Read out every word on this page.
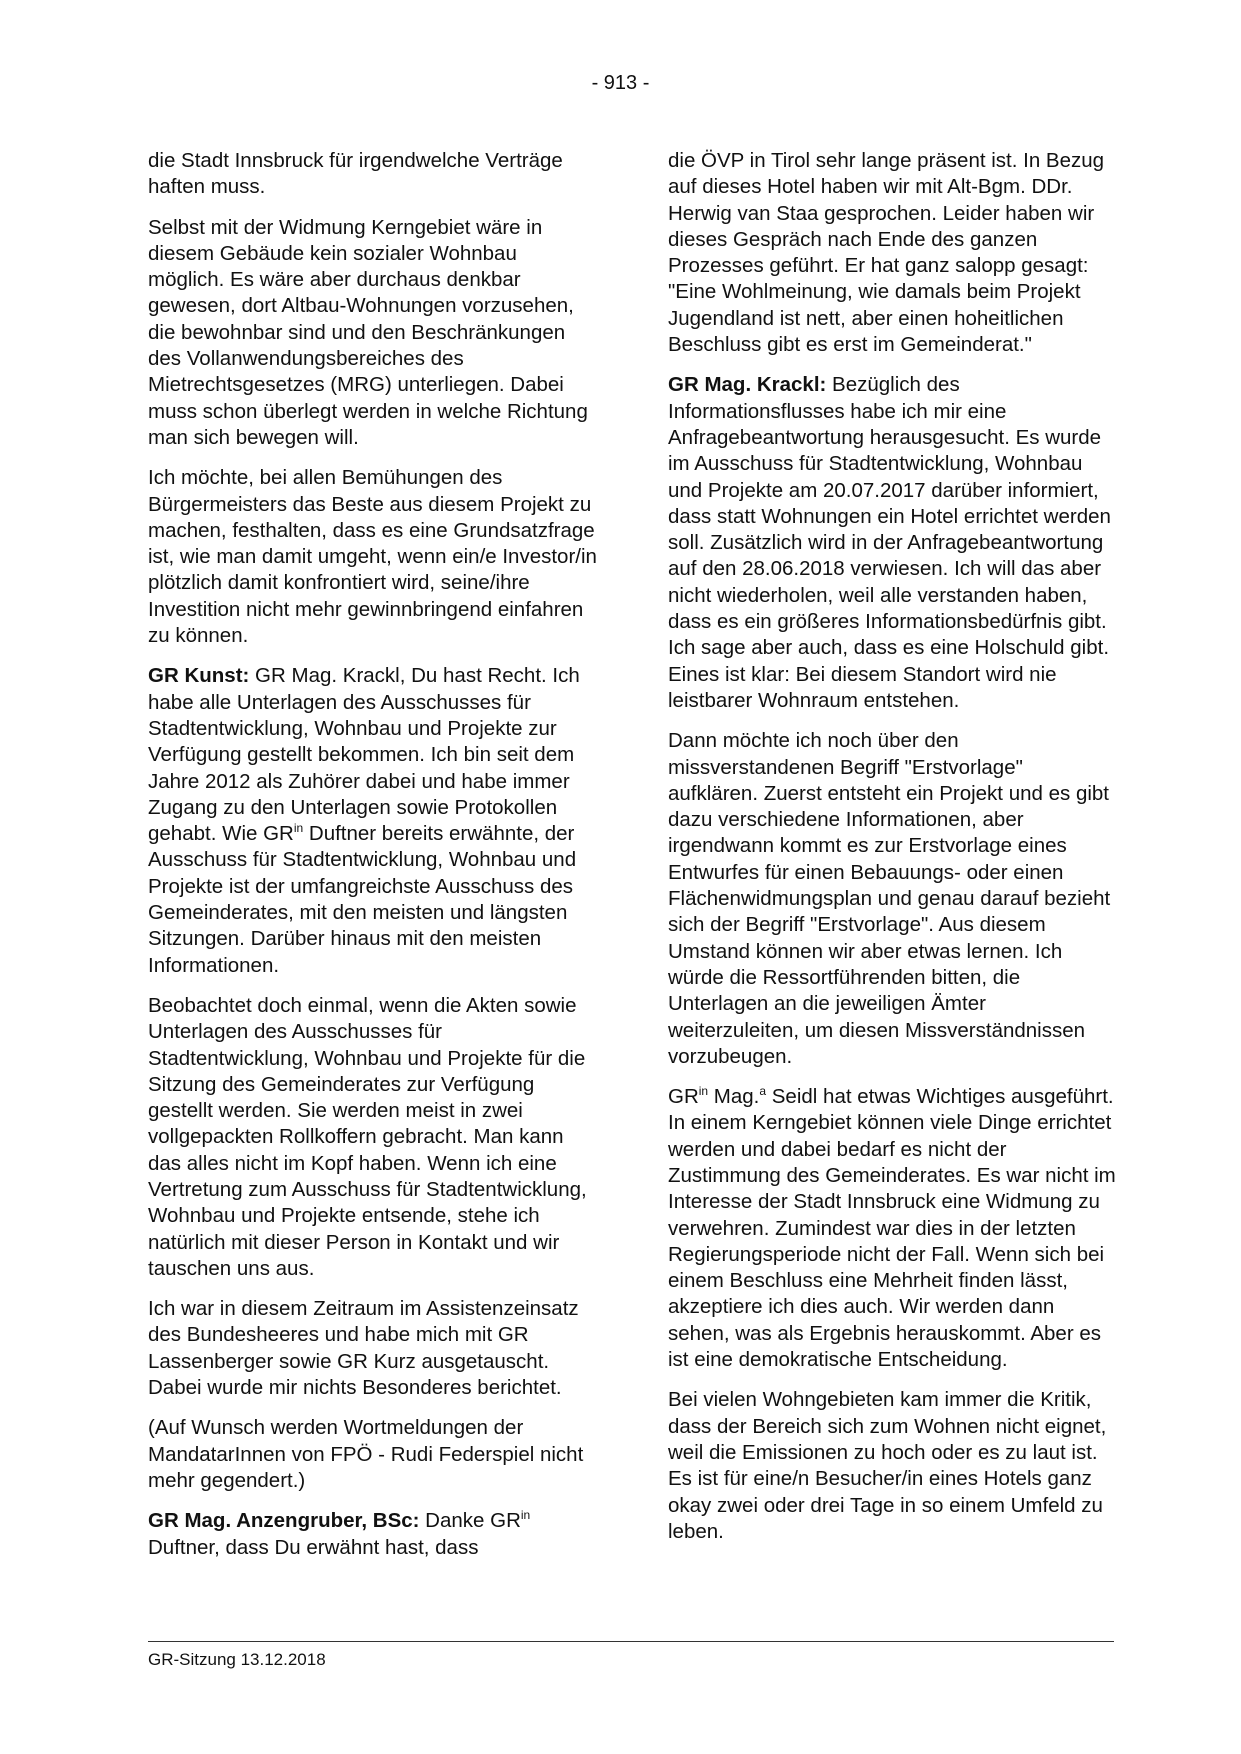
- 913 -

die Stadt Innsbruck für irgendwelche Verträge haften muss.

Selbst mit der Widmung Kerngebiet wäre in diesem Gebäude kein sozialer Wohnbau möglich. Es wäre aber durchaus denkbar gewesen, dort Altbau-Wohnungen vorzusehen, die bewohnbar sind und den Beschränkungen des Vollanwendungsbereiches des Mietrechtsgesetzes (MRG) unterliegen. Dabei muss schon überlegt werden in welche Richtung man sich bewegen will.

Ich möchte, bei allen Bemühungen des Bürgermeisters das Beste aus diesem Projekt zu machen, festhalten, dass es eine Grundsatzfrage ist, wie man damit umgeht, wenn ein/e Investor/in plötzlich damit konfrontiert wird, seine/ihre Investition nicht mehr gewinnbringend einfahren zu können.

GR Kunst: GR Mag. Krackl, Du hast Recht. Ich habe alle Unterlagen des Ausschusses für Stadtentwicklung, Wohnbau und Projekte zur Verfügung gestellt bekommen. Ich bin seit dem Jahre 2012 als Zuhörer dabei und habe immer Zugang zu den Unterlagen sowie Protokollen gehabt. Wie $GR^{in}$ Duftner bereits erwähnte, der Ausschuss für Stadtentwicklung, Wohnbau und Projekte ist der umfangreichste Ausschuss des Gemeinderates, mit den meisten und längsten Sitzungen. Darüber hinaus mit den meisten Informationen.

Beobachtet doch einmal, wenn die Akten sowie Unterlagen des Ausschusses für Stadtentwicklung, Wohnbau und Projekte für die Sitzung des Gemeinderates zur Verfügung gestellt werden. Sie werden meist in zwei vollgepackten Rollkoffern gebracht. Man kann das alles nicht im Kopf haben. Wenn ich eine Vertretung zum Ausschuss für Stadtentwicklung, Wohnbau und Projekte entsende, stehe ich natürlich mit dieser Person in Kontakt und wir tauschen uns aus.

Ich war in diesem Zeitraum im Assistenzeinsatz des Bundesheeres und habe mich mit GR Lassenberger sowie GR Kurz ausgetauscht. Dabei wurde mir nichts Besonderes berichtet.

(Auf Wunsch werden Wortmeldungen der MandatarInnen von FPÖ - Rudi Federspiel nicht mehr gegendert.)

GR Mag. Anzengruber, BSc: Danke $GR^{in}$ Duftner, dass Du erwähnt hast, dass

die ÖVP in Tirol sehr lange präsent ist. In Bezug auf dieses Hotel haben wir mit Alt-Bgm. DDr. Herwig van Staa gesprochen. Leider haben wir dieses Gespräch nach Ende des ganzen Prozesses geführt. Er hat ganz salopp gesagt: "Eine Wohlmeinung, wie damals beim Projekt Jugendland ist nett, aber einen hoheitlichen Beschluss gibt es erst im Gemeinderat."

GR Mag. Krackl: Bezüglich des Informationsflusses habe ich mir eine Anfragebeantwortung herausgesucht. Es wurde im Ausschuss für Stadtentwicklung, Wohnbau und Projekte am 20.07.2017 darüber informiert, dass statt Wohnungen ein Hotel errichtet werden soll. Zusätzlich wird in der Anfragebeantwortung auf den 28.06.2018 verwiesen. Ich will das aber nicht wiederholen, weil alle verstanden haben, dass es ein größeres Informationsbedürfnis gibt. Ich sage aber auch, dass es eine Holschuld gibt. Eines ist klar: Bei diesem Standort wird nie leistbarer Wohnraum entstehen.

Dann möchte ich noch über den missverstandenen Begriff "Erstvorlage" aufklären. Zuerst entsteht ein Projekt und es gibt dazu verschiedene Informationen, aber irgendwann kommt es zur Erstvorlage eines Entwurfes für einen Bebauungs- oder einen Flächenwidmungsplan und genau darauf bezieht sich der Begriff "Erstvorlage". Aus diesem Umstand können wir aber etwas lernen. Ich würde die Ressortführenden bitten, die Unterlagen an die jeweiligen Ämter weiterzuleiten, um diesen Missverständnissen vorzubeugen.

$GR^{in}$ Mag.$^a$ Seidl hat etwas Wichtiges ausgeführt. In einem Kerngebiet können viele Dinge errichtet werden und dabei bedarf es nicht der Zustimmung des Gemeinderates. Es war nicht im Interesse der Stadt Innsbruck eine Widmung zu verwehren. Zumindest war dies in der letzten Regierungsperiode nicht der Fall. Wenn sich bei einem Beschluss eine Mehrheit finden lässt, akzeptiere ich dies auch. Wir werden dann sehen, was als Ergebnis herauskommt. Aber es ist eine demokratische Entscheidung.

Bei vielen Wohngebieten kam immer die Kritik, dass der Bereich sich zum Wohnen nicht eignet, weil die Emissionen zu hoch oder es zu laut ist. Es ist für eine/n Besucher/in eines Hotels ganz okay zwei oder drei Tage in so einem Umfeld zu leben.

GR-Sitzung 13.12.2018
